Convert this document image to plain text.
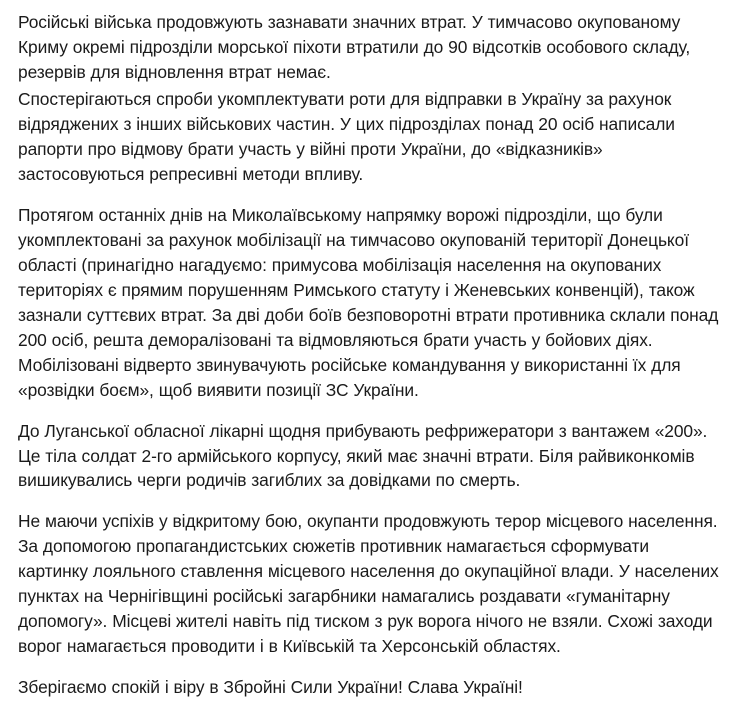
Російські війська продовжують зазнавати значних втрат. У тимчасово окупованому Криму окремі підрозділи морської піхоти втратили до 90 відсотків особового складу, резервів для відновлення втрат немає.

Спостерігаються спроби укомплектувати роти для відправки в Україну за рахунок відряджених з інших військових частин. У цих підрозділах понад 20 осіб написали рапорти про відмову брати участь у війні проти України, до «відказників» застосовуються репресивні методи впливу.

Протягом останніх днів на Миколаївському напрямку ворожі підрозділи, що були укомплектовані за рахунок мобілізації на тимчасово окупованій території Донецької області (принагідно нагадуємо: примусова мобілізація населення на окупованих територіях є прямим порушенням Римського статуту і Женевських конвенцій), також зазнали суттєвих втрат. За дві доби боїв безповоротні втрати противника склали понад 200 осіб, решта деморалізовані та відмовляються брати участь у бойових діях. Мобілізовані відверто звинувачують російське командування у використанні їх для «розвідки боєм», щоб виявити позиції ЗС України.

До Луганської обласної лікарні щодня прибувають рефрижератори з вантажем «200». Це тіла солдат 2-го армійського корпусу, який має значні втрати. Біля райвиконкомів вишикувались черги родичів загиблих за довідками по смерть.

Не маючи успіхів у відкритому бою, окупанти продовжують терор місцевого населення. За допомогою пропагандистських сюжетів противник намагається сформувати картинку лояльного ставлення місцевого населення до окупаційної влади. У населених пунктах на Чернігівщині російські загарбники намагались роздавати «гуманітарну допомогу». Місцеві жителі навіть під тиском з рук ворога нічого не взяли. Схожі заходи ворог намагається проводити і в Київській та Херсонській областях.

Зберігаємо спокій і віру в Збройні Сили України! Слава Україні!
